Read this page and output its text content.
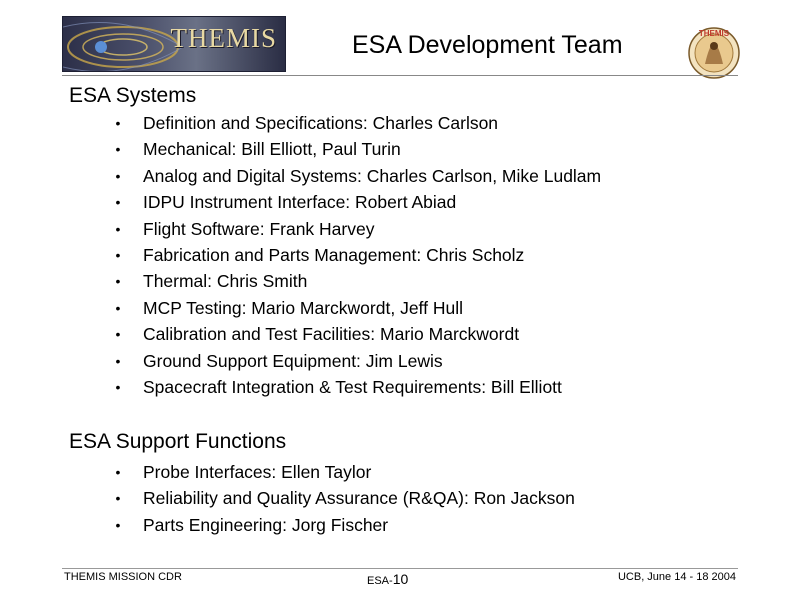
THEMIS	ESA Development Team	THEMIS
ESA Systems
• Definition and Specifications: Charles Carlson
• Mechanical: Bill Elliott, Paul Turin
• Analog and Digital Systems: Charles Carlson, Mike Ludlam
• IDPU Instrument Interface: Robert Abiad
• Flight Software: Frank Harvey
• Fabrication and Parts Management: Chris Scholz
• Thermal: Chris Smith
• MCP Testing: Mario Marckwordt, Jeff Hull
• Calibration and Test Facilities: Mario Marckwordt
• Ground Support Equipment: Jim Lewis
• Spacecraft Integration & Test Requirements: Bill Elliott
ESA Support Functions
• Probe Interfaces: Ellen Taylor
• Reliability and Quality Assurance (R&QA): Ron Jackson
• Parts Engineering: Jorg Fischer
THEMIS MISSION CDR	ESA-10	UCB, June 14 - 18 2004
